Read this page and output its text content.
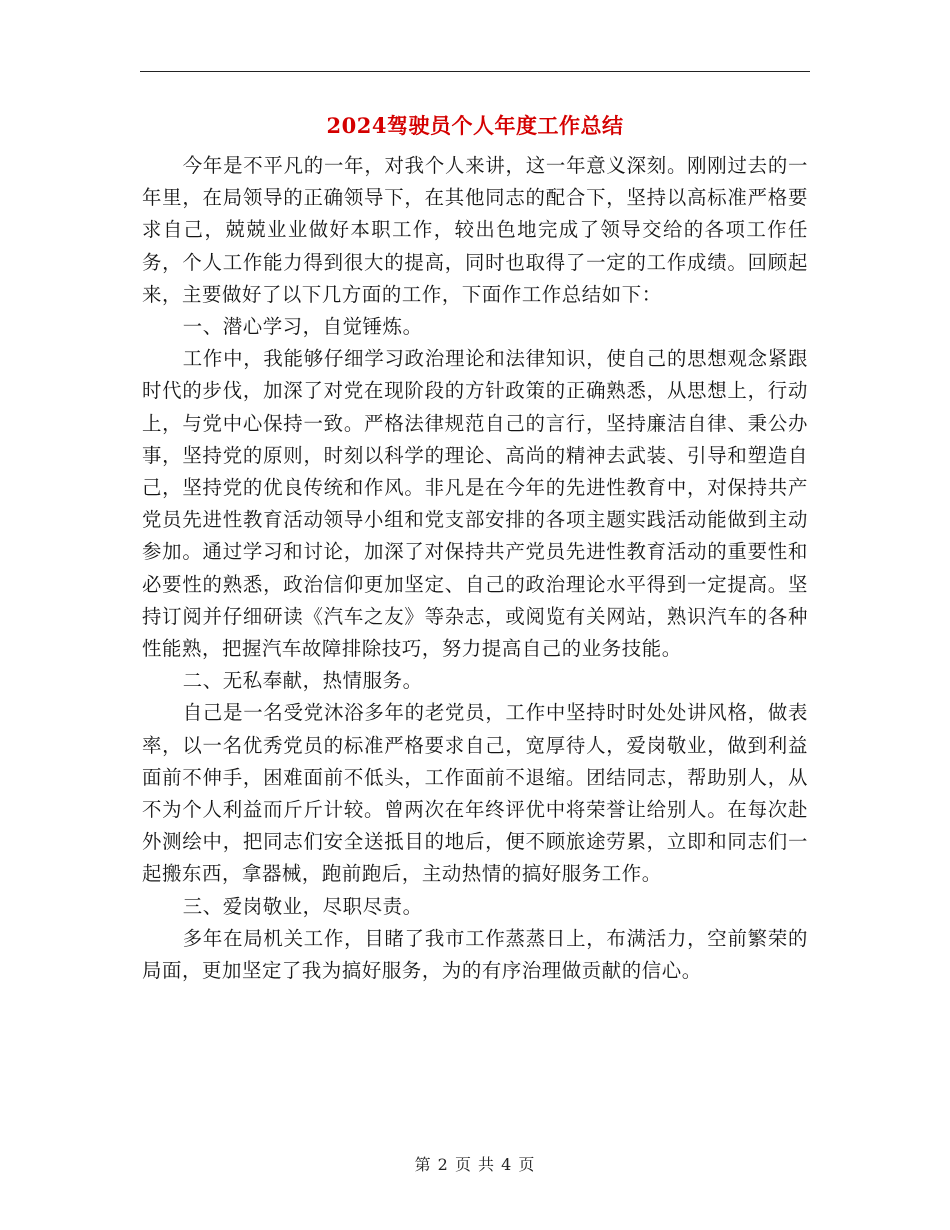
2024驾驶员个人年度工作总结

今年是不平凡的一年，对我个人来讲，这一年意义深刻。刚刚过去的一年里，在局领导的正确领导下，在其他同志的配合下，坚持以高标准严格要求自己，兢兢业业做好本职工作，较出色地完成了领导交给的各项工作任务，个人工作能力得到很大的提高，同时也取得了一定的工作成绩。回顾起来，主要做好了以下几方面的工作，下面作工作总结如下：

一、潜心学习，自觉锤炼。

工作中，我能够仔细学习政治理论和法律知识，使自己的思想观念紧跟时代的步伐，加深了对党在现阶段的方针政策的正确熟悉，从思想上，行动上，与党中心保持一致。严格法律规范自己的言行，坚持廉洁自律、秉公办事，坚持党的原则，时刻以科学的理论、高尚的精神去武装、引导和塑造自己，坚持党的优良传统和作风。非凡是在今年的先进性教育中，对保持共产党员先进性教育活动领导小组和党支部安排的各项主题实践活动能做到主动参加。通过学习和讨论，加深了对保持共产党员先进性教育活动的重要性和必要性的熟悉，政治信仰更加坚定、自己的政治理论水平得到一定提高。坚持订阅并仔细研读《汽车之友》等杂志，或阅览有关网站，熟识汽车的各种性能熟，把握汽车故障排除技巧，努力提高自己的业务技能。

二、无私奉献，热情服务。

自己是一名受党沐浴多年的老党员，工作中坚持时时处处讲风格，做表率，以一名优秀党员的标准严格要求自己，宽厚待人，爱岗敬业，做到利益面前不伸手，困难面前不低头，工作面前不退缩。团结同志，帮助别人，从不为个人利益而斤斤计较。曾两次在年终评优中将荣誉让给别人。在每次赴外测绘中，把同志们安全送抵目的地后，便不顾旅途劳累，立即和同志们一起搬东西，拿器械，跑前跑后，主动热情的搞好服务工作。

三、爱岗敬业，尽职尽责。

多年在局机关工作，目睹了我市工作蒸蒸日上，布满活力，空前繁荣的局面，更加坚定了我为搞好服务，为的有序治理做贡献的信心。

第 2 页 共 4 页
